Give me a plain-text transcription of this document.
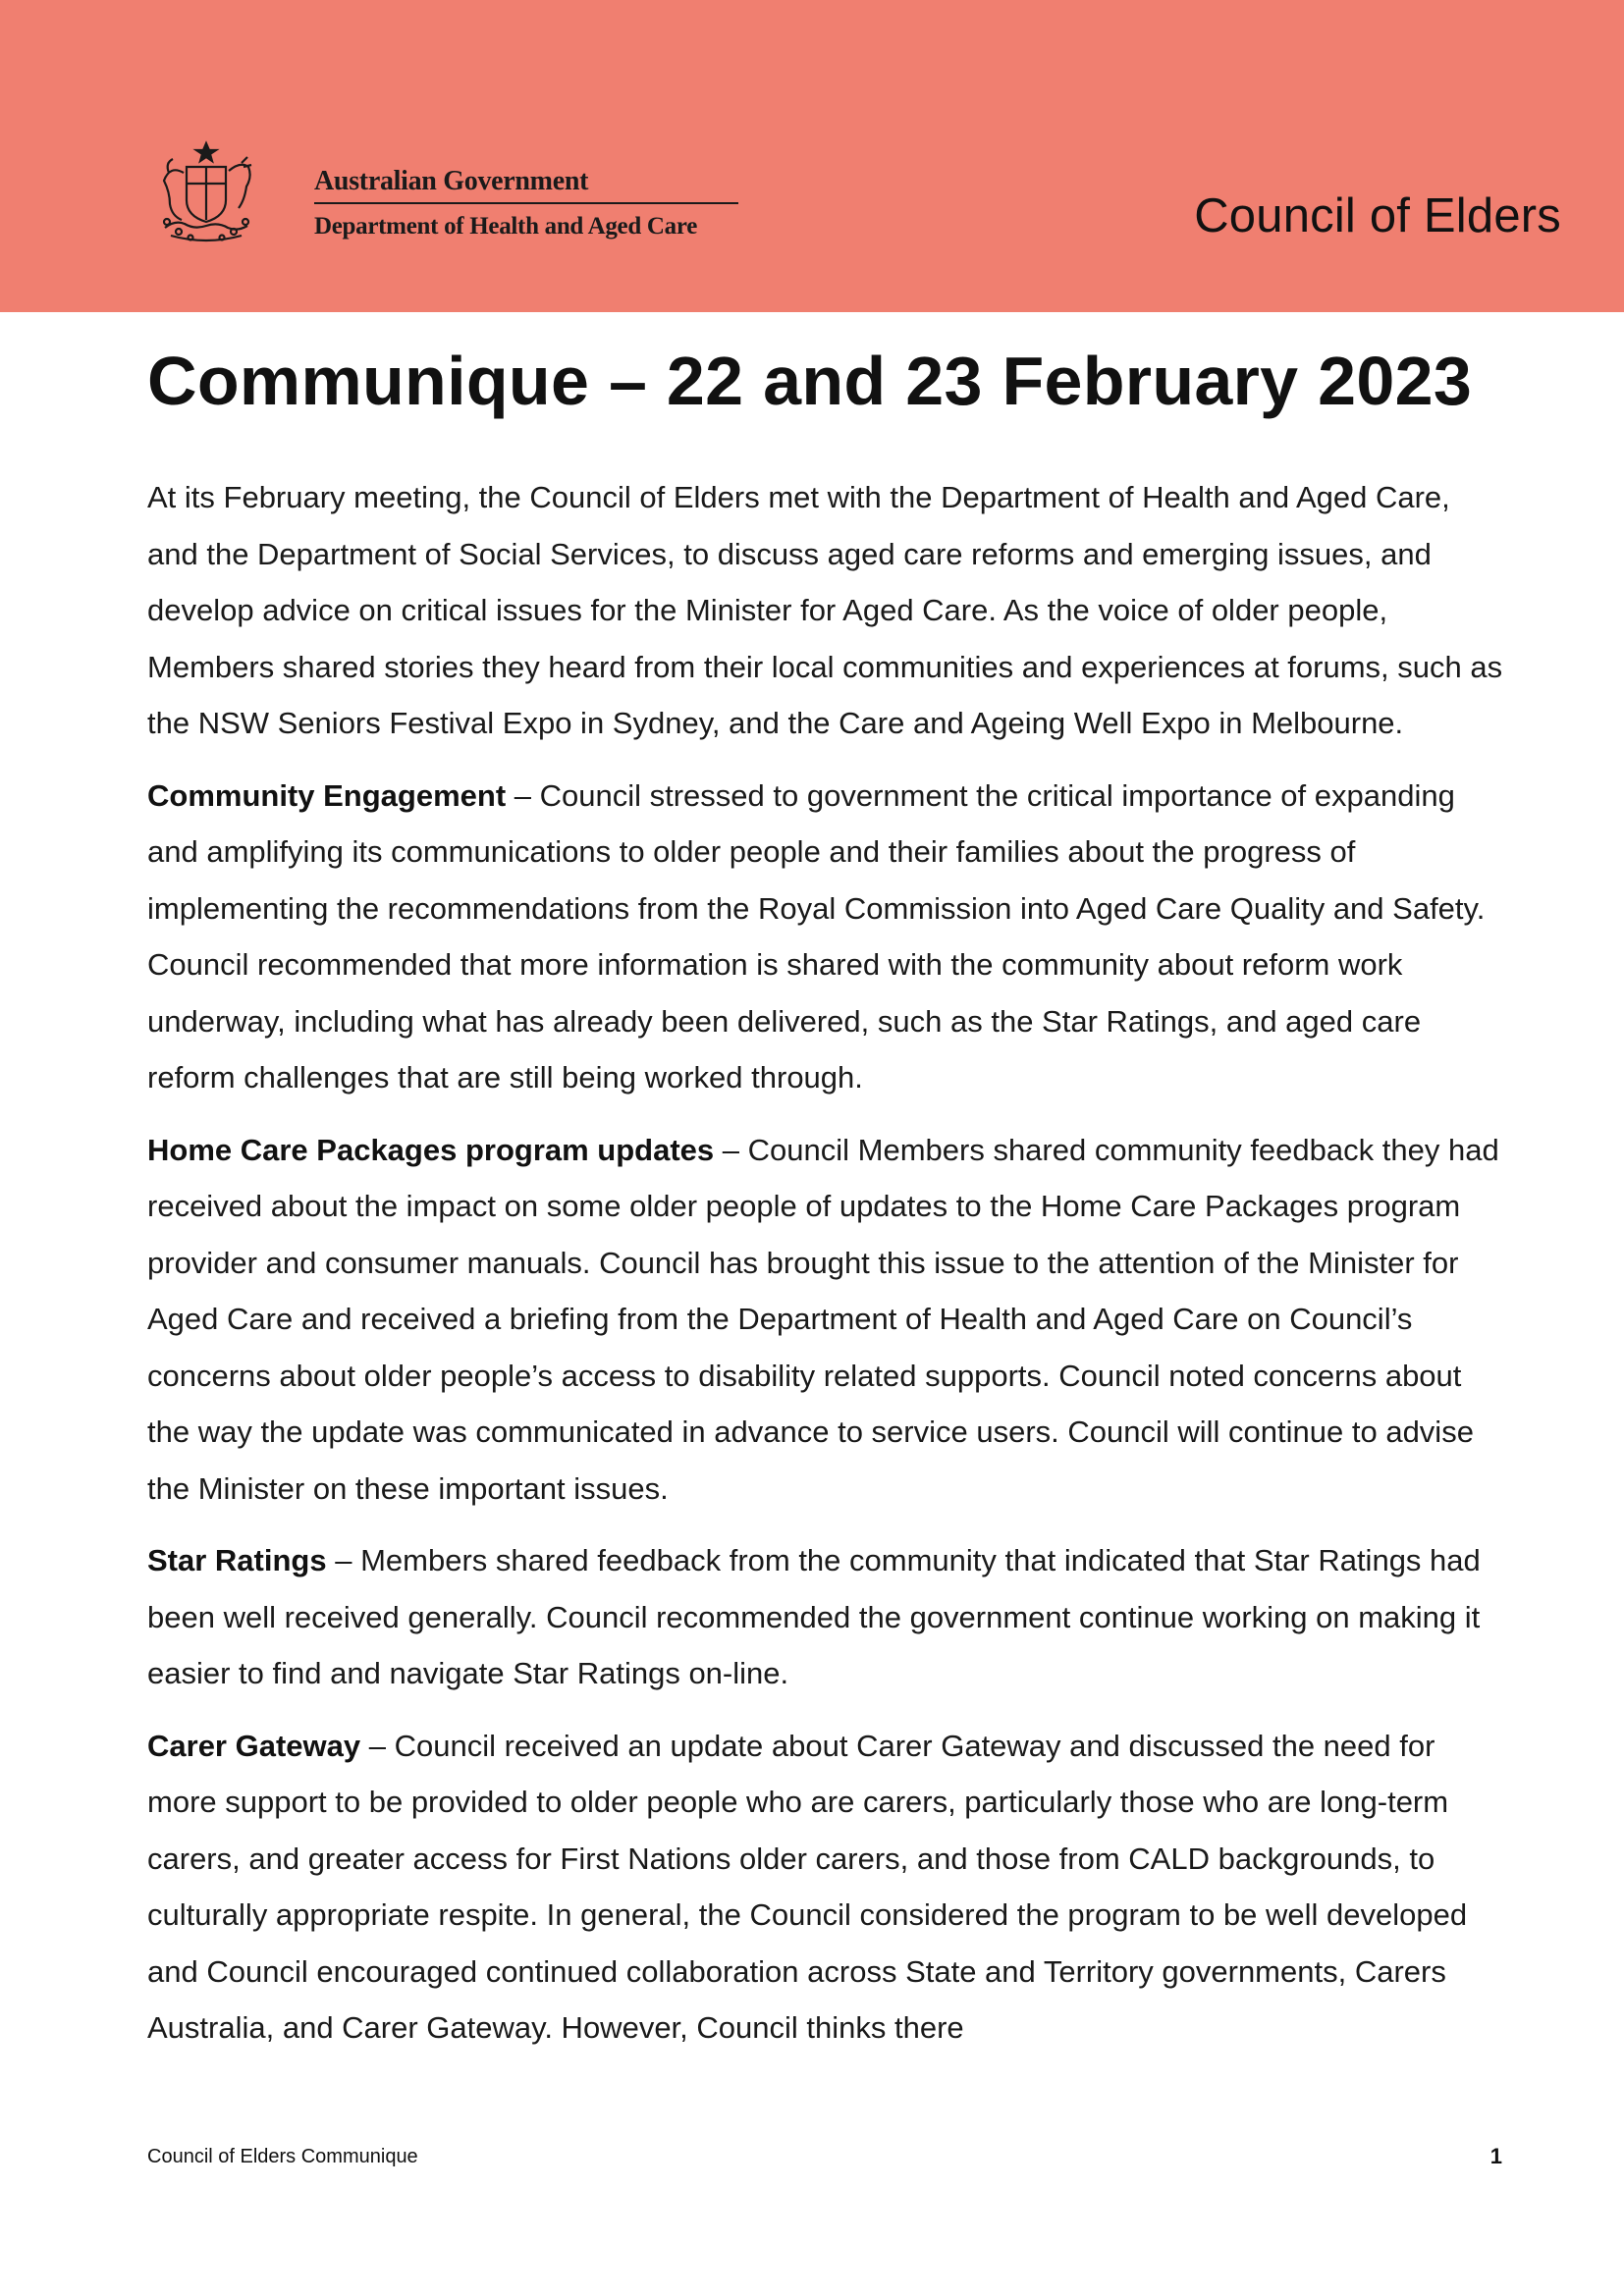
Australian Government
Department of Health and Aged Care	Council of Elders
Communique – 22 and 23 February 2023

At its February meeting, the Council of Elders met with the Department of Health and Aged Care, and the Department of Social Services, to discuss aged care reforms and emerging issues, and develop advice on critical issues for the Minister for Aged Care. As the voice of older people, Members shared stories they heard from their local communities and experiences at forums, such as the NSW Seniors Festival Expo in Sydney, and the Care and Ageing Well Expo in Melbourne.

Community Engagement – Council stressed to government the critical importance of expanding and amplifying its communications to older people and their families about the progress of implementing the recommendations from the Royal Commission into Aged Care Quality and Safety. Council recommended that more information is shared with the community about reform work underway, including what has already been delivered, such as the Star Ratings, and aged care reform challenges that are still being worked through.

Home Care Packages program updates – Council Members shared community feedback they had received about the impact on some older people of updates to the Home Care Packages program provider and consumer manuals. Council has brought this issue to the attention of the Minister for Aged Care and received a briefing from the Department of Health and Aged Care on Council’s concerns about older people’s access to disability related supports. Council noted concerns about the way the update was communicated in advance to service users. Council will continue to advise the Minister on these important issues.

Star Ratings – Members shared feedback from the community that indicated that Star Ratings had been well received generally. Council recommended the government continue working on making it easier to find and navigate Star Ratings on-line.

Carer Gateway – Council received an update about Carer Gateway and discussed the need for more support to be provided to older people who are carers, particularly those who are long-term carers, and greater access for First Nations older carers, and those from CALD backgrounds, to culturally appropriate respite. In general, the Council considered the program to be well developed and Council encouraged continued collaboration across State and Territory governments, Carers Australia, and Carer Gateway. However, Council thinks there

Council of Elders Communique	1
